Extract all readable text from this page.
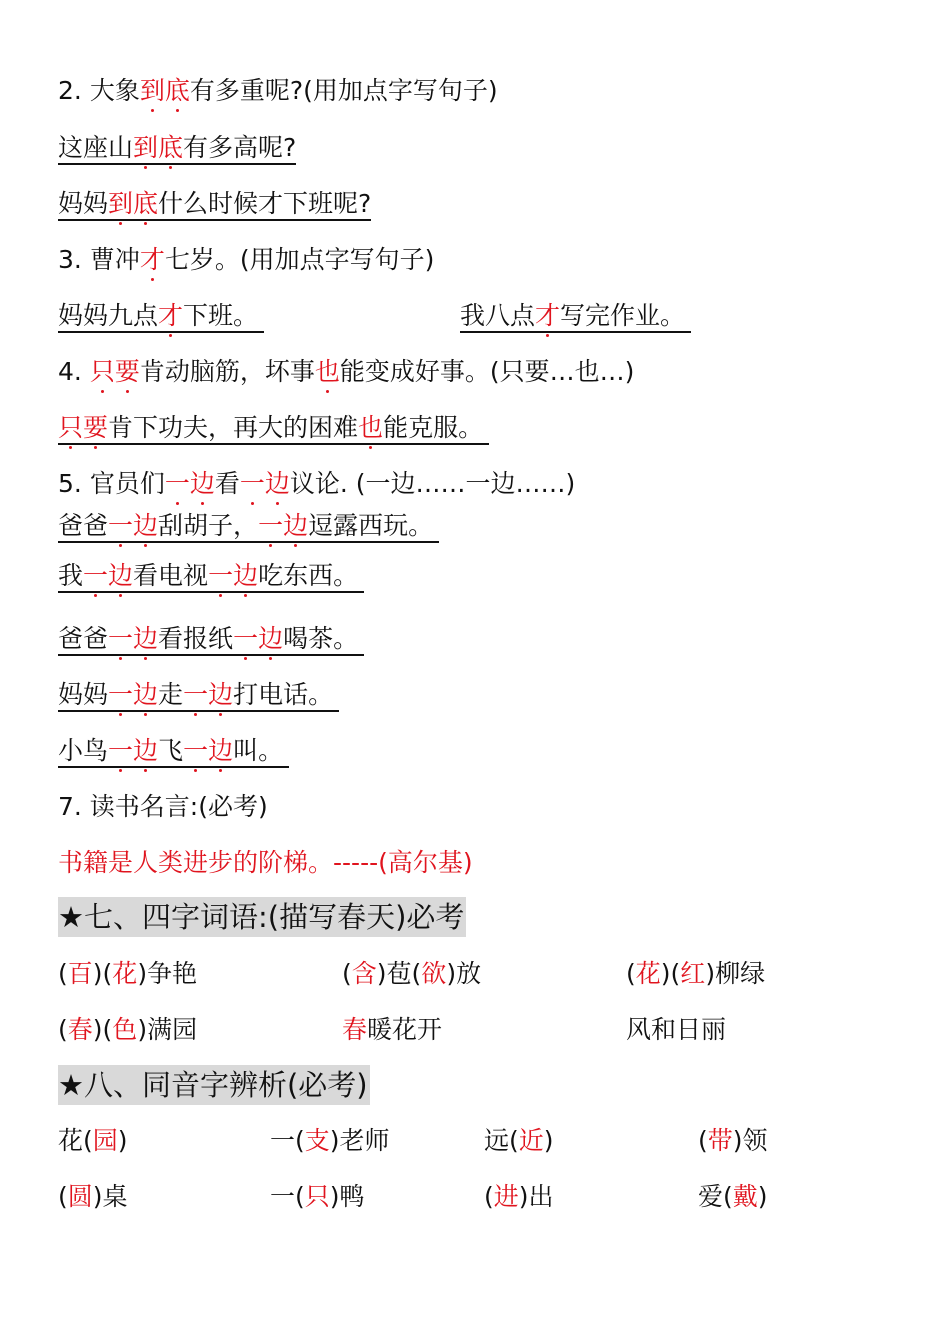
2. 大象到底有多重呢?(用加点字写句子)
这座山到底有多高呢?
妈妈到底什么时候才下班呢?
3. 曹冲才七岁。(用加点字写句子)
妈妈九点才下班。	我八点才写完作业。
4. 只要肯动脑筋，坏事也能变成好事。(只要…也…)
只要肯下功夫，再大的困难也能克服。
5. 官员们一边看一边议论. (一边……一边……)
爸爸一边刮胡子，一边逗露西玩。
我一边看电视一边吃东西。
爸爸一边看报纸一边喝茶。
妈妈一边走一边打电话。
小鸟一边飞一边叫。
7. 读书名言:(必考)
书籍是人类进步的阶梯。-----(高尔基)
★七、四字词语:(描写春天)必考
(百)(花)争艳	(含)苞(欲)放	(花)(红)柳绿
(春)(色)满园	春暖花开	风和日丽
★八、同音字辨析(必考)
花(园)	一(支)老师	远(近)	(带)领
(圆)桌	一(只)鸭	(进)出	爱(戴)
